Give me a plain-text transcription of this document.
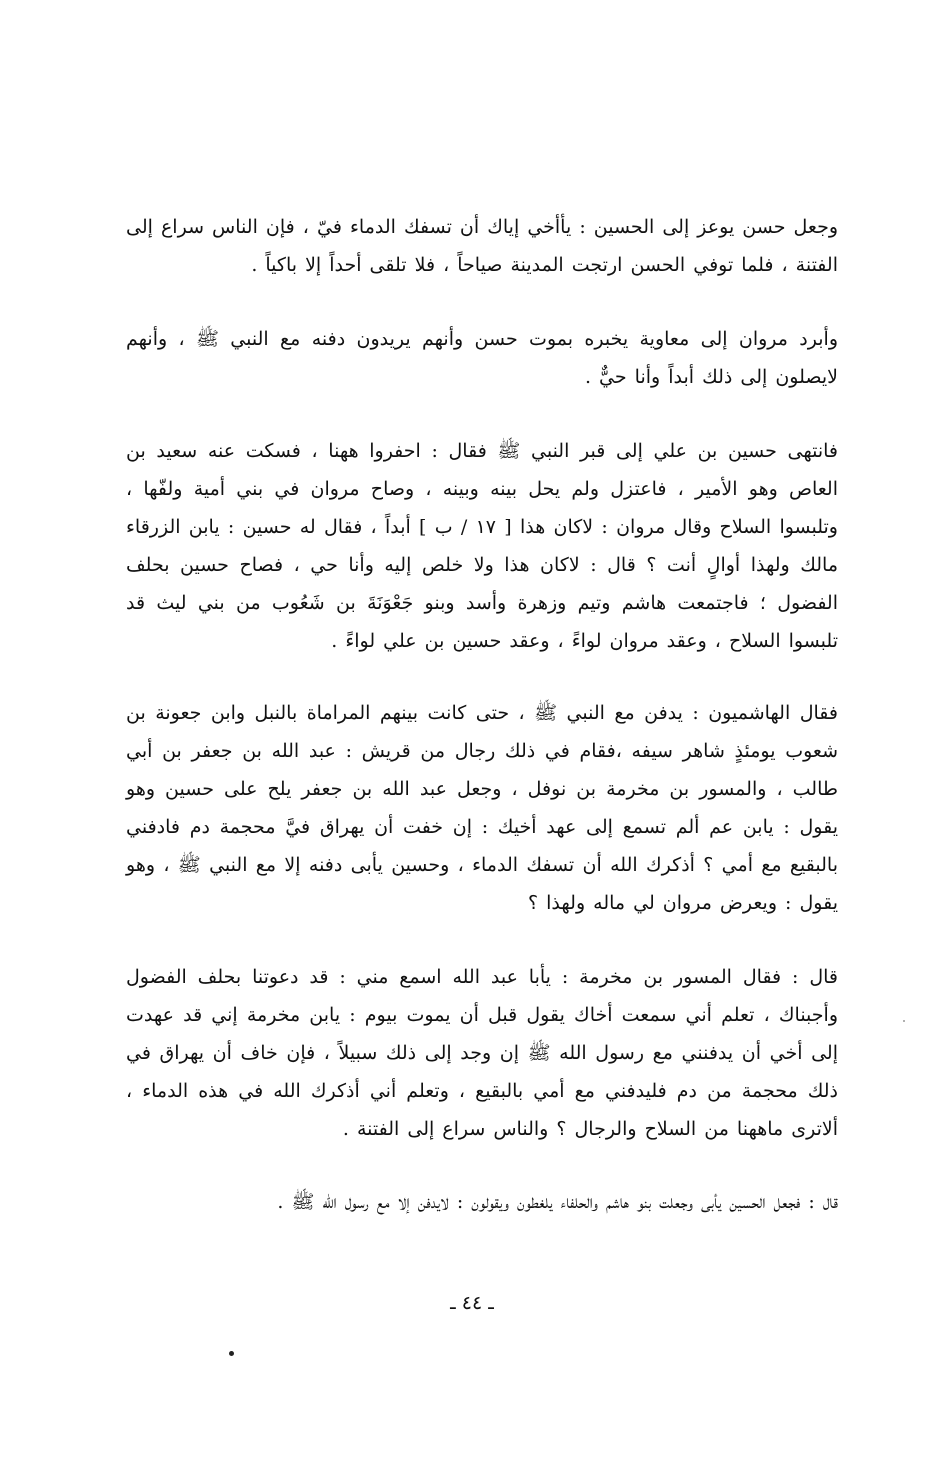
وجعل حسن يوعز إلى الحسين : يأأخي إياك أن تسفك الدماء فيّ ، فإن الناس سراع إلى الفتنة ، فلما توفي الحسن ارتجت المدينة صياحاً ، فلا تلقى أحداً إلا باكياً .

وأبرد مروان إلى معاوية يخبره بموت حسن وأنهم يريدون دفنه مع النبي ﷺ ، وأنهم لايصلون إلى ذلك أبداً وأنا حيٌّ .

فانتهى حسين بن علي إلى قبر النبي ﷺ فقال : احفروا ههنا ، فسكت عنه سعيد بن العاص وهو الأمير ، فاعتزل ولم يحل بينه وبينه ، وصاح مروان في بني أمية ولفّها ، وتلبسوا السلاح وقال مروان : لاكان هذا [ ١٧ / ب ] أبداً ، فقال له حسين : يابن الزرقاء مالك ولهذا أوالٍ أنت ؟ قال : لاكان هذا ولا خلص إليه وأنا حي ، فصاح حسين بحلف الفضول ؛ فاجتمعت هاشم وتيم وزهرة وأسد وبنو جَعْوَنَةَ بن شَعُوب من بني ليث قد تلبسوا السلاح ، وعقد مروان لواءً ، وعقد حسين بن علي لواءً .

فقال الهاشميون : يدفن مع النبي ﷺ ، حتى كانت بينهم المراماة بالنبل وابن جعونة بن شعوب يومئذٍ شاهر سيفه ،فقام في ذلك رجال من قريش : عبد الله بن جعفر بن أبي طالب ، والمسور بن مخرمة بن نوفل ، وجعل عبد الله بن جعفر يلح على حسين وهو يقول : يابن عم ألم تسمع إلى عهد أخيك : إن خفت أن يهراق فيَّ محجمة دم فادفني بالبقيع مع أمي ؟ أذكرك الله أن تسفك الدماء ، وحسين يأبى دفنه إلا مع النبي ﷺ ، وهو يقول : ويعرض مروان لي ماله ولهذا ؟

قال : فقال المسور بن مخرمة : يأبا عبد الله اسمع مني : قد دعوتنا بحلف الفضول وأجبناك ، تعلم أني سمعت أخاك يقول قبل أن يموت بيوم : يابن مخرمة إني قد عهدت إلى أخي أن يدفنني مع رسول الله ﷺ إن وجد إلى ذلك سبيلاً ، فإن خاف أن يهراق في ذلك محجمة من دم فليدفني مع أمي بالبقيع ، وتعلم أني أذكرك الله في هذه الدماء ، ألاترى ماههنا من السلاح والرجال ؟ والناس سراع إلى الفتنة .

قال : فجعل الحسين يأبى وجعلت بنو هاشم والحلفاء يلغطون ويقولون : لايدفن إلا مع رسول الله ﷺ .

ـ ٤٤ ـ
